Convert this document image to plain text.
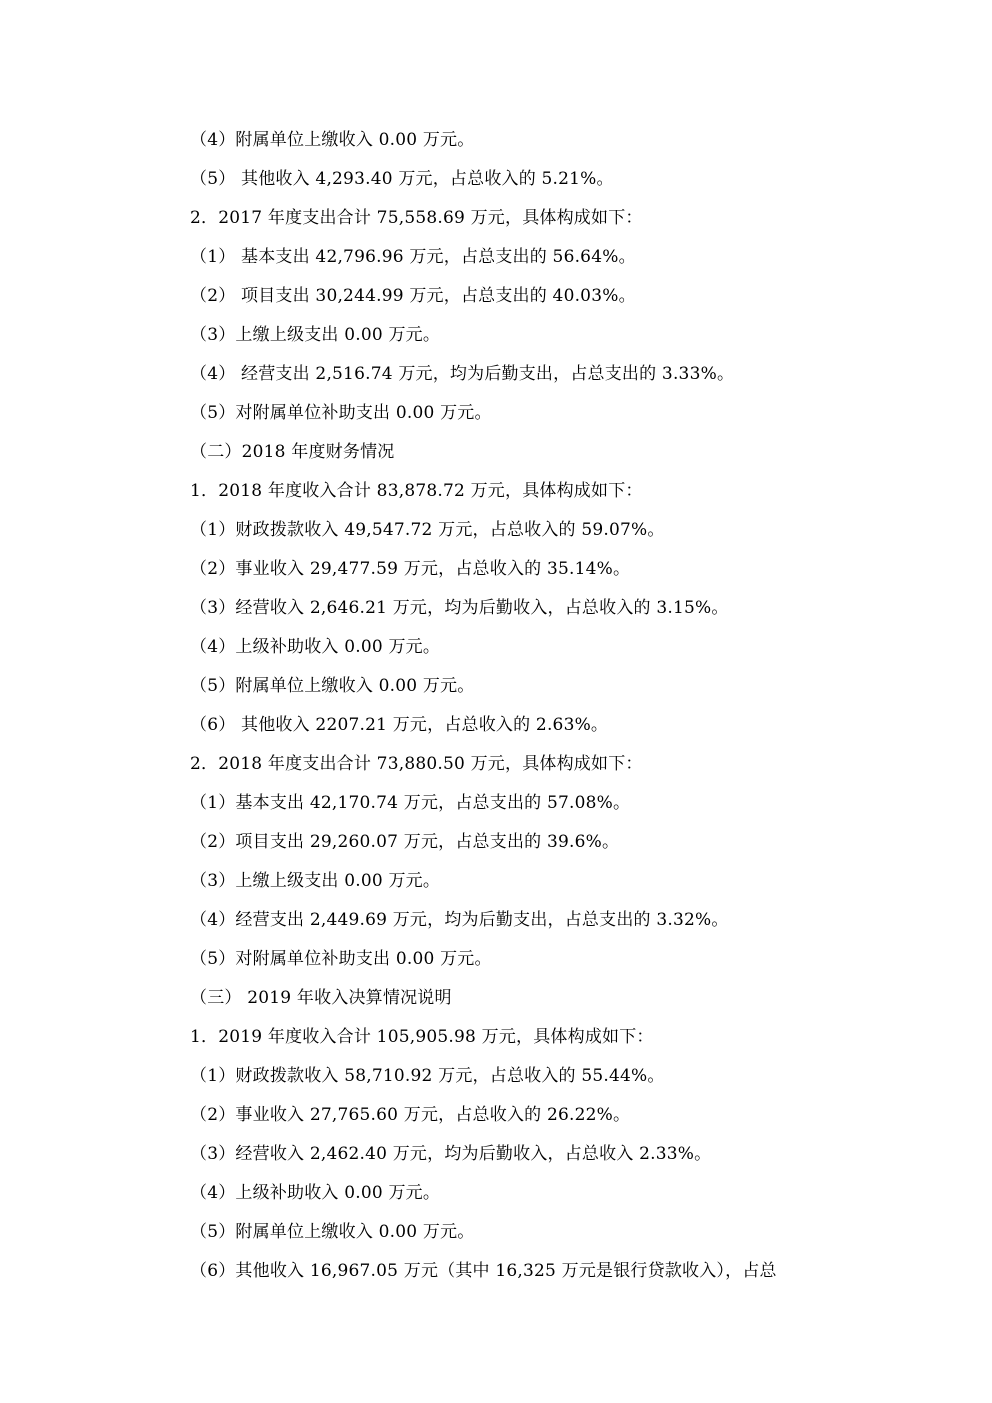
（4）附属单位上缴收入 0.00 万元。
（5） 其他收入 4,293.40 万元，占总收入的 5.21%。
2．2017 年度支出合计 75,558.69 万元，具体构成如下：
（1） 基本支出 42,796.96 万元，占总支出的 56.64%。
（2） 项目支出 30,244.99 万元，占总支出的 40.03%。
（3）上缴上级支出 0.00 万元。
（4） 经营支出 2,516.74 万元，均为后勤支出，占总支出的 3.33%。
（5）对附属单位补助支出 0.00 万元。
（二）2018 年度财务情况
1．2018 年度收入合计 83,878.72 万元，具体构成如下：
（1）财政拨款收入 49,547.72 万元，占总收入的 59.07%。
（2）事业收入 29,477.59 万元，占总收入的 35.14%。
（3）经营收入 2,646.21 万元，均为后勤收入，占总收入的 3.15%。
（4）上级补助收入 0.00 万元。
（5）附属单位上缴收入 0.00 万元。
（6） 其他收入 2207.21 万元，占总收入的 2.63%。
2．2018 年度支出合计 73,880.50 万元，具体构成如下：
（1）基本支出 42,170.74 万元，占总支出的 57.08%。
（2）项目支出 29,260.07 万元，占总支出的 39.6%。
（3）上缴上级支出 0.00 万元。
（4）经营支出 2,449.69 万元，均为后勤支出，占总支出的 3.32%。
（5）对附属单位补助支出 0.00 万元。
（三） 2019 年收入决算情况说明
1．2019 年度收入合计 105,905.98 万元，具体构成如下：
（1）财政拨款收入 58,710.92 万元，占总收入的 55.44%。
（2）事业收入 27,765.60 万元，占总收入的 26.22%。
（3）经营收入 2,462.40 万元，均为后勤收入，占总收入 2.33%。
（4）上级补助收入 0.00 万元。
（5）附属单位上缴收入 0.00 万元。
（6）其他收入 16,967.05 万元（其中 16,325 万元是银行贷款收入），占总
